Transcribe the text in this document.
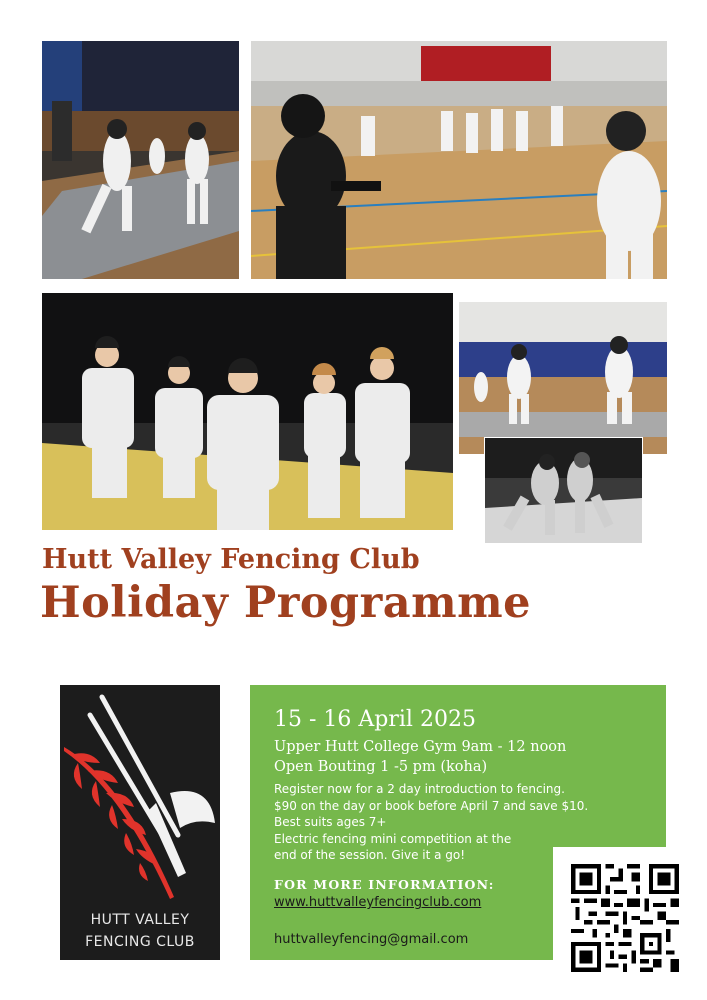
Hutt Valley Fencing Club
Holiday Programme
HUTT VALLEY
FENCING CLUB
15 - 16 April 2025
Upper Hutt College Gym 9am - 12 noon
Open Bouting 1 -5 pm (koha)
Register now for a 2 day introduction to fencing.
$90 on the day or book before April 7 and save $10.
Best suits ages 7+
Electric fencing mini competition at the
end of the session. Give it a go!
FOR MORE INFORMATION:
www.huttvalleyfencingclub.com
huttvalleyfencing@gmail.com
